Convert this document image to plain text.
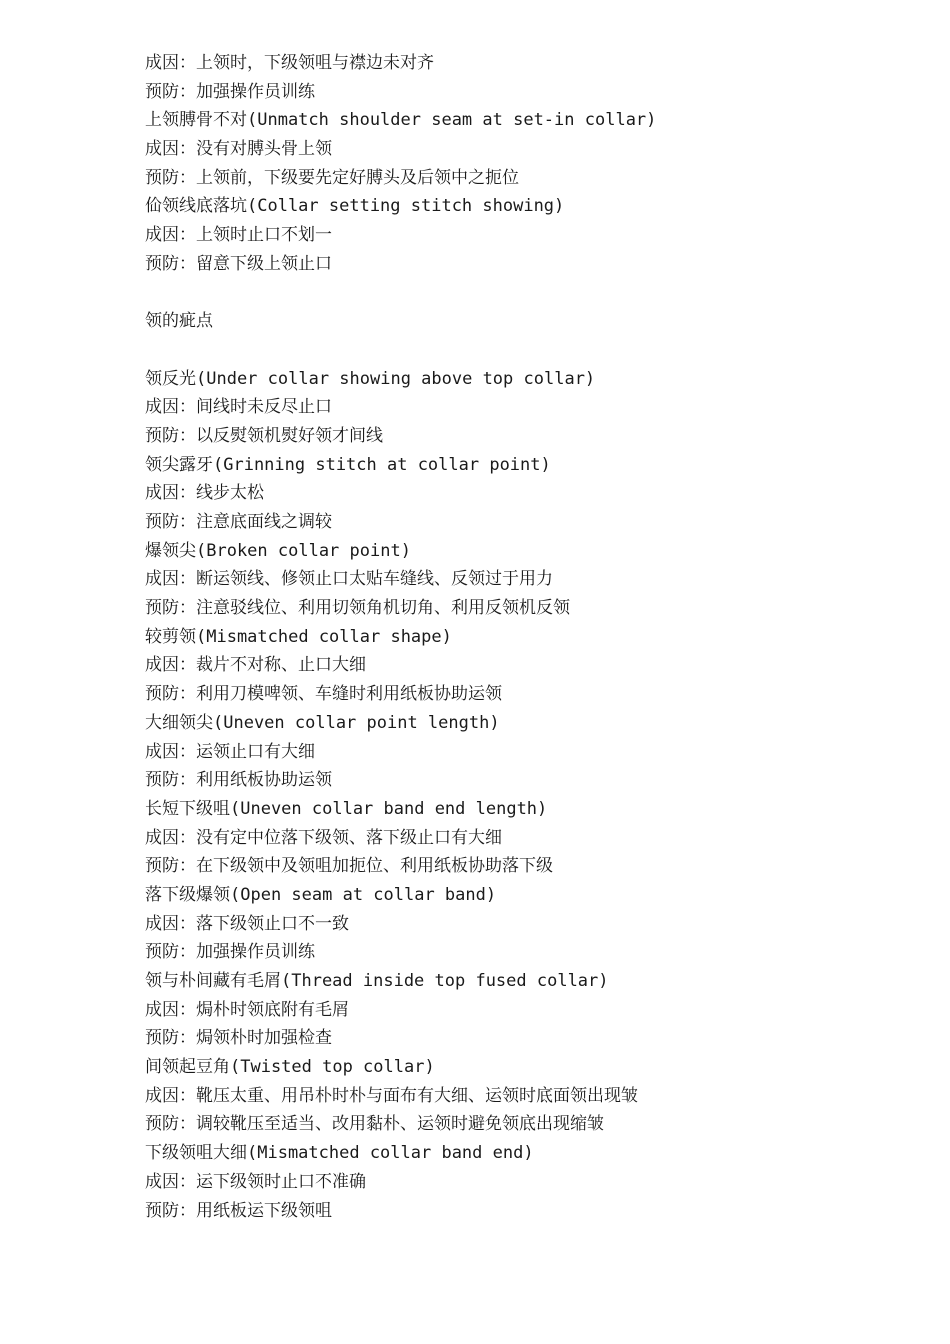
成因：上领时，下级领咀与襟边未对齐
预防：加强操作员训练
上领膊骨不对(Unmatch shoulder seam at set-in collar)
成因：没有对膊头骨上领
预防：上领前，下级要先定好膊头及后领中之扼位
佡领线底落坑(Collar setting stitch showing)
成因：上领时止口不划一
预防：留意下级上领止口
领的疵点
领反光(Under collar showing above top collar)
成因：间线时未反尽止口
预防：以反熨领机熨好领才间线
领尖露牙(Grinning stitch at collar point)
成因：线步太松
预防：注意底面线之调较
爆领尖(Broken collar point)
成因：断运领线、修领止口太贴车缝线、反领过于用力
预防：注意驳线位、利用切领角机切角、利用反领机反领
较剪领(Mismatched collar shape)
成因：裁片不对称、止口大细
预防：利用刀模啤领、车缝时利用纸板协助运领
大细领尖(Uneven collar point length)
成因：运领止口有大细
预防：利用纸板协助运领
长短下级咀(Uneven collar band end length)
成因：没有定中位落下级领、落下级止口有大细
预防：在下级领中及领咀加扼位、利用纸板协助落下级
落下级爆领(Open seam at collar band)
成因：落下级领止口不一致
预防：加强操作员训练
领与朴间藏有毛屑(Thread inside top fused collar)
成因：焗朴时领底附有毛屑
预防：焗领朴时加强检查
间领起豆角(Twisted top collar)
成因：靴压太重、用吊朴时朴与面布有大细、运领时底面领出现皱
预防：调较靴压至适当、改用黏朴、运领时避免领底出现缩皱
下级领咀大细(Mismatched collar band end)
成因：运下级领时止口不准确
预防：用纸板运下级领咀
